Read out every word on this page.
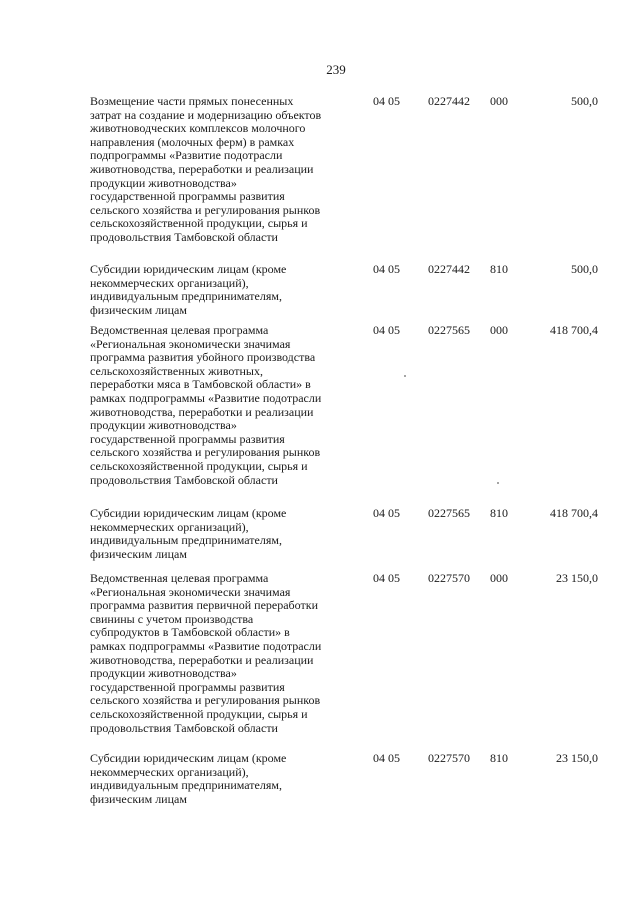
239
Возмещение части прямых понесенных
затрат на создание и модернизацию объектов
животноводческих комплексов молочного
направления (молочных ферм) в рамках
подпрограммы «Развитие подотрасли
животноводства, переработки и реализации
продукции животноводства»
государственной программы развития
сельского хозяйства и регулирования рынков
сельскохозяйственной продукции, сырья и
продовольствия Тамбовской области
04 05	0227442	000	500,0
Субсидии юридическим лицам (кроме
некоммерческих организаций),
индивидуальным предпринимателям,
физическим лицам
04 05	0227442	810	500,0
Ведомственная целевая программа
«Региональная экономически значимая
программа развития убойного производства
сельскохозяйственных животных,
переработки мяса в Тамбовской области» в
рамках подпрограммы «Развитие подотрасли
животноводства, переработки и реализации
продукции животноводства»
государственной программы развития
сельского хозяйства и регулирования рынков
сельскохозяйственной продукции, сырья и
продовольствия Тамбовской области
04 05	0227565	000	418 700,4
Субсидии юридическим лицам (кроме
некоммерческих организаций),
индивидуальным предпринимателям,
физическим лицам
04 05	0227565	810	418 700,4
Ведомственная целевая программа
«Региональная экономически значимая
программа развития первичной переработки
свинины с учетом производства
субпродуктов в Тамбовской области» в
рамках подпрограммы «Развитие подотрасли
животноводства, переработки и реализации
продукции животноводства»
государственной программы развития
сельского хозяйства и регулирования рынков
сельскохозяйственной продукции, сырья и
продовольствия Тамбовской области
04 05	0227570	000	23 150,0
Субсидии юридическим лицам (кроме
некоммерческих организаций),
индивидуальным предпринимателям,
физическим лицам
04 05	0227570	810	23 150,0
